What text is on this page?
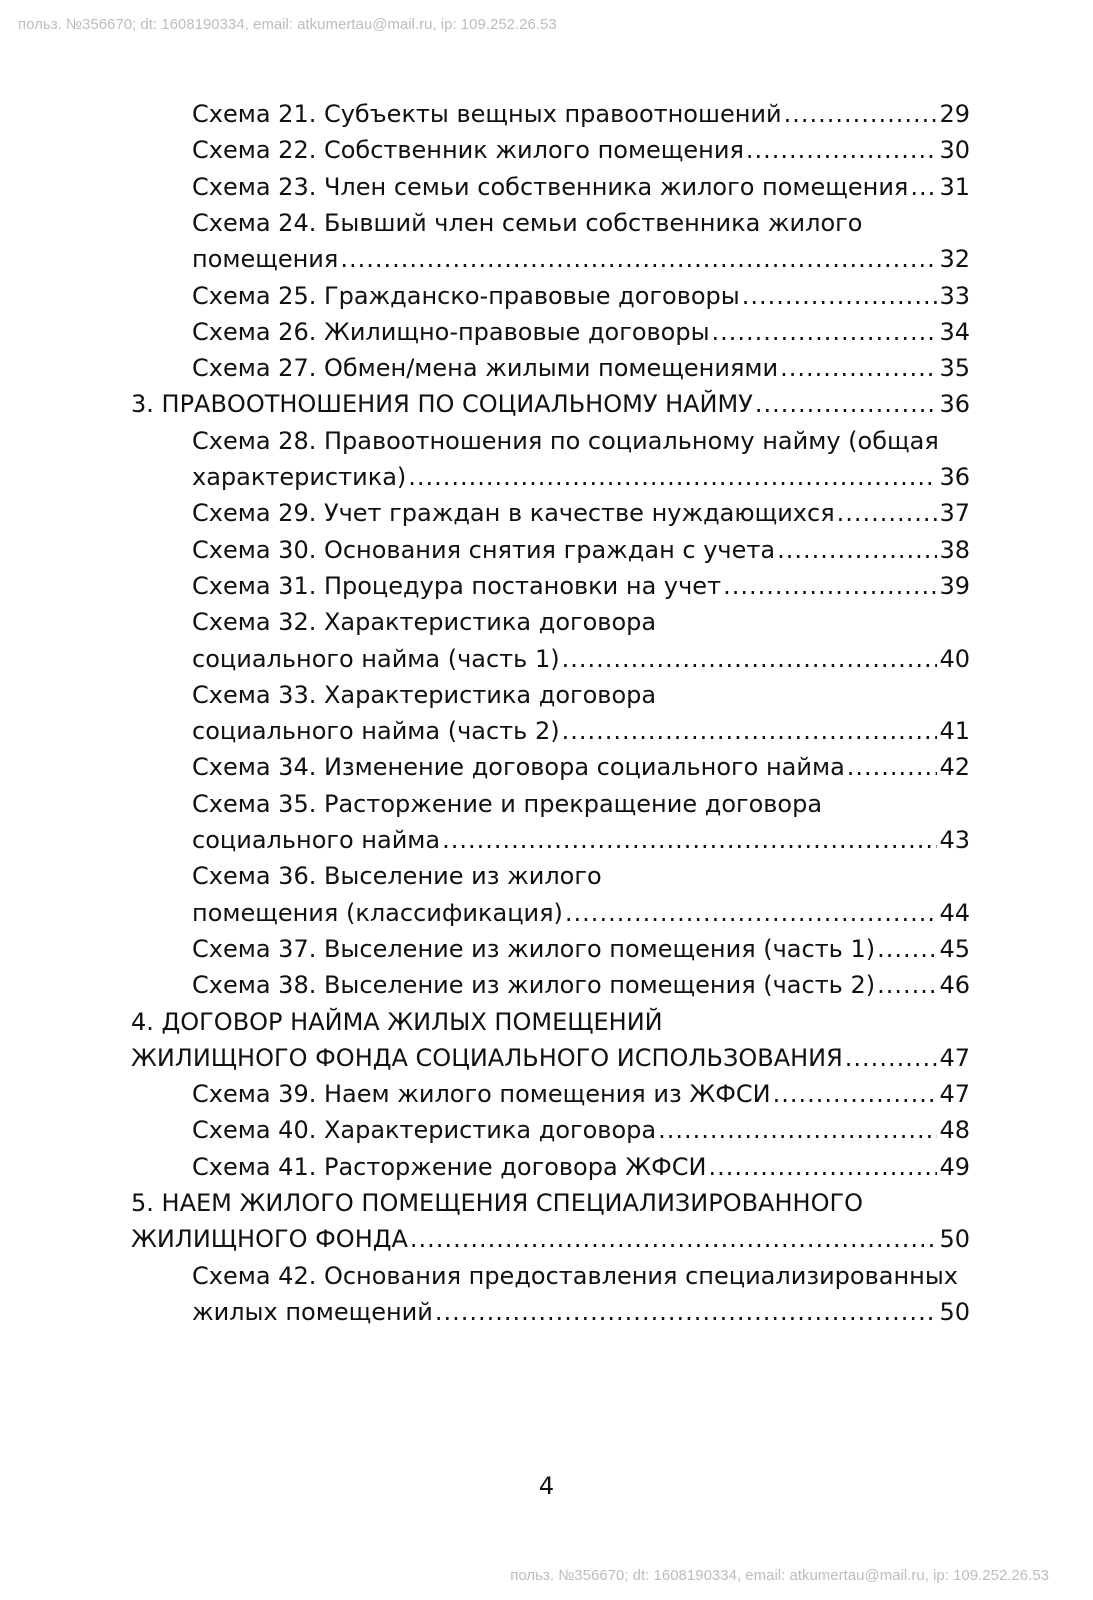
польз. №356670; dt: 1608190334, email: atkumertau@mail.ru, ip: 109.252.26.53
Схема 21. Субъекты вещных правоотношений .....	29
Схема 22. Собственник жилого помещения .....	30
Схема 23. Член семьи собственника жилого помещения ..... 31
Схема 24. Бывший член семьи собственника жилого
помещения .....	32
Схема 25. Гражданско-правовые договоры .....	33
Схема 26. Жилищно-правовые договоры .....	34
Схема 27. Обмен/мена жилыми помещениями .....	35
3. ПРАВООТНОШЕНИЯ ПО СОЦИАЛЬНОМУ НАЙМУ .....	36
Схема 28. Правоотношения по социальному найму (общая
характеристика) .....	36
Схема 29. Учет граждан в качестве нуждающихся .....	37
Схема 30. Основания снятия граждан с учета .....	38
Схема 31. Процедура постановки на учет .....	39
Схема 32. Характеристика договора
социального найма (часть 1) .....	40
Схема 33. Характеристика договора
социального найма (часть 2) .....	41
Схема 34. Изменение договора социального найма .....	42
Схема 35. Расторжение и прекращение договора
социального найма .....	43
Схема 36. Выселение из жилого
помещения (классификация) .....	44
Схема 37. Выселение из жилого помещения (часть 1) .....	45
Схема 38. Выселение из жилого помещения (часть 2) .....	46
4. ДОГОВОР НАЙМА ЖИЛЫХ ПОМЕЩЕНИЙ
ЖИЛИЩНОГО ФОНДА СОЦИАЛЬНОГО ИСПОЛЬЗОВАНИЯ .....	47
Схема 39. Наем жилого помещения из ЖФСИ .....	47
Схема 40. Характеристика договора .....	48
Схема 41. Расторжение договора ЖФСИ .....	49
5. НАЕМ ЖИЛОГО ПОМЕЩЕНИЯ СПЕЦИАЛИЗИРОВАННОГО
ЖИЛИЩНОГО ФОНДА .....	50
Схема 42. Основания предоставления специализированных
жилых помещений .....	50
4
польз. №356670; dt: 1608190334, email: atkumertau@mail.ru, ip: 109.252.26.53
